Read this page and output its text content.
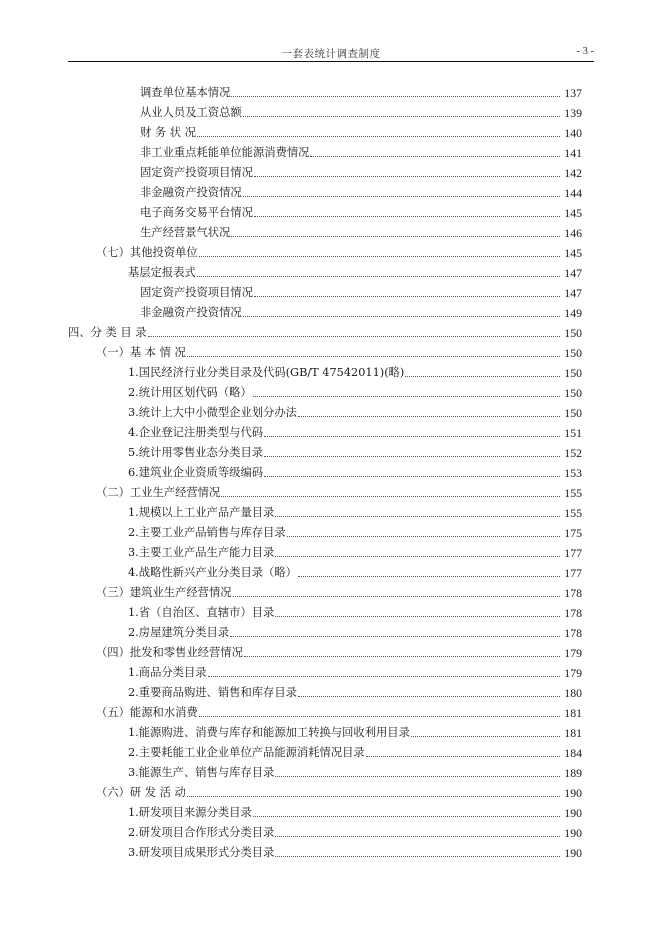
一套表统计调查制度	- 3 -
调查单位基本情况	137
从业人员及工资总额	139
财 务 状 况	140
非工业重点耗能单位能源消费情况	141
固定资产投资项目情况	142
非金融资产投资情况	144
电子商务交易平台情况	145
生产经营景气状况	146
（七）其他投资单位	145
基层定报表式	147
固定资产投资项目情况	147
非金融资产投资情况	149
四、分 类 目 录	150
（一）基 本 情 况	150
1.国民经济行业分类目录及代码(GB/T 47542011)(略)	150
2.统计用区划代码（略）	150
3.统计上大中小微型企业划分办法	150
4.企业登记注册类型与代码	151
5.统计用零售业态分类目录	152
6.建筑业企业资质等级编码	153
（二）工业生产经营情况	155
1.规模以上工业产品产量目录	155
2.主要工业产品销售与库存目录	175
3.主要工业产品生产能力目录	177
4.战略性新兴产业分类目录（略）	177
（三）建筑业生产经营情况	178
1.省（自治区、直辖市）目录	178
2.房屋建筑分类目录	178
（四）批发和零售业经营情况	179
1.商品分类目录	179
2.重要商品购进、销售和库存目录	180
（五）能源和水消费	181
1.能源购进、消费与库存和能源加工转换与回收利用目录	181
2.主要耗能工业企业单位产品能源消耗情况目录	184
3.能源生产、销售与库存目录	189
（六）研 发 活 动	190
1.研发项目来源分类目录	190
2.研发项目合作形式分类目录	190
3.研发项目成果形式分类目录	190
